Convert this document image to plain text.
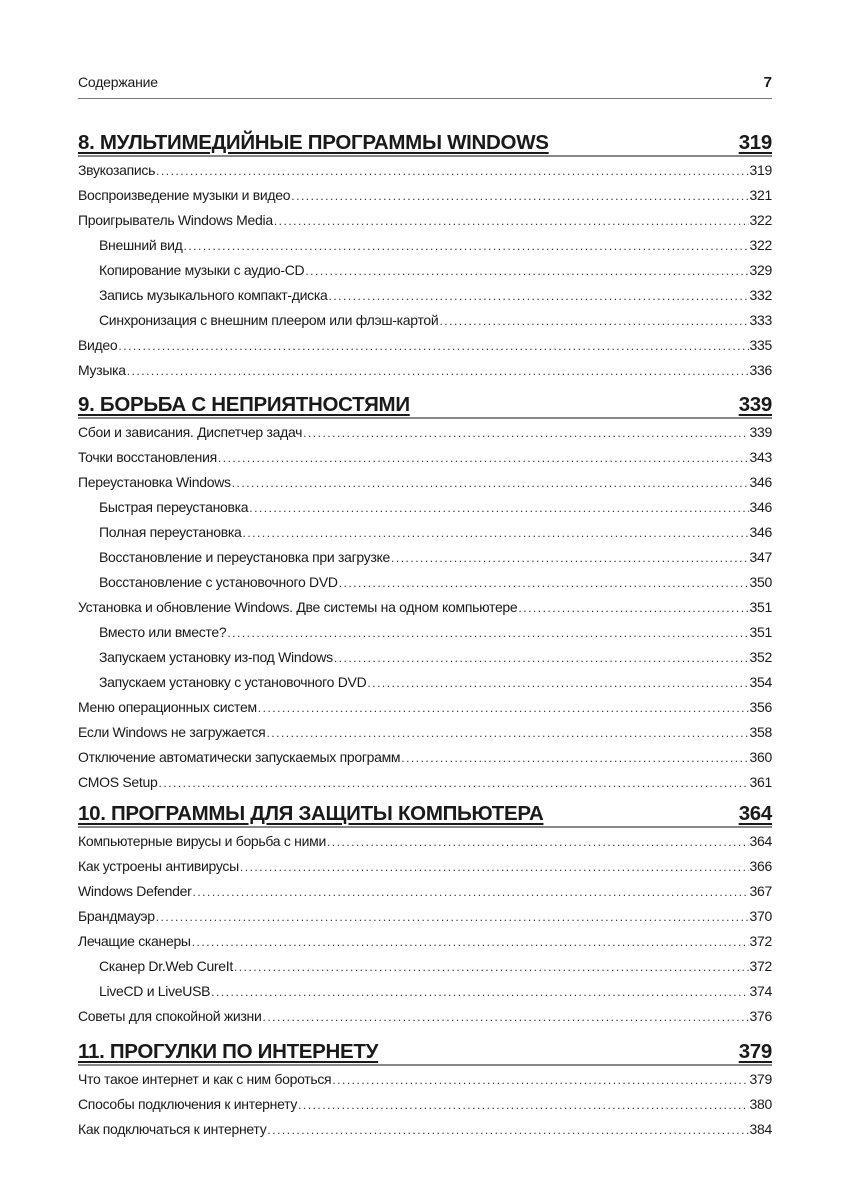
Содержание	7
8. МУЛЬТИМЕДИЙНЫЕ ПРОГРАММЫ WINDOWS	319
Звукозапись .....	319
Воспроизведение музыки и видео .....	321
Проигрыватель Windows Media .....	322
Внешний вид .....	322
Копирование музыки с аудио-CD .....	329
Запись музыкального компакт-диска .....	332
Синхронизация с внешним плеером или флэш-картой .....	333
Видео .....	335
Музыка .....	336
9. БОРЬБА С НЕПРИЯТНОСТЯМИ	339
Сбои и зависания. Диспетчер задач .....	339
Точки восстановления .....	343
Переустановка Windows .....	346
Быстрая переустановка .....	346
Полная переустановка .....	346
Восстановление и переустановка при загрузке .....	347
Восстановление с установочного DVD .....	350
Установка и обновление Windows. Две системы на одном компьютере .....	351
Вместо или вместе? .....	351
Запускаем установку из-под Windows .....	352
Запускаем установку с установочного DVD .....	354
Меню операционных систем .....	356
Если Windows не загружается .....	358
Отключение автоматически запускаемых программ .....	360
CMOS Setup .....	361
10. ПРОГРАММЫ ДЛЯ ЗАЩИТЫ КОМПЬЮТЕРА	364
Компьютерные вирусы и борьба с ними .....	364
Как устроены антивирусы .....	366
Windows Defender .....	367
Брандмауэр .....	370
Лечащие сканеры .....	372
Сканер Dr.Web CureIt .....	372
LiveCD и LiveUSB .....	374
Советы для спокойной жизни .....	376
11. ПРОГУЛКИ ПО ИНТЕРНЕТУ	379
Что такое интернет и как с ним бороться .....	379
Способы подключения к интернету .....	380
Как подключаться к интернету .....	384
